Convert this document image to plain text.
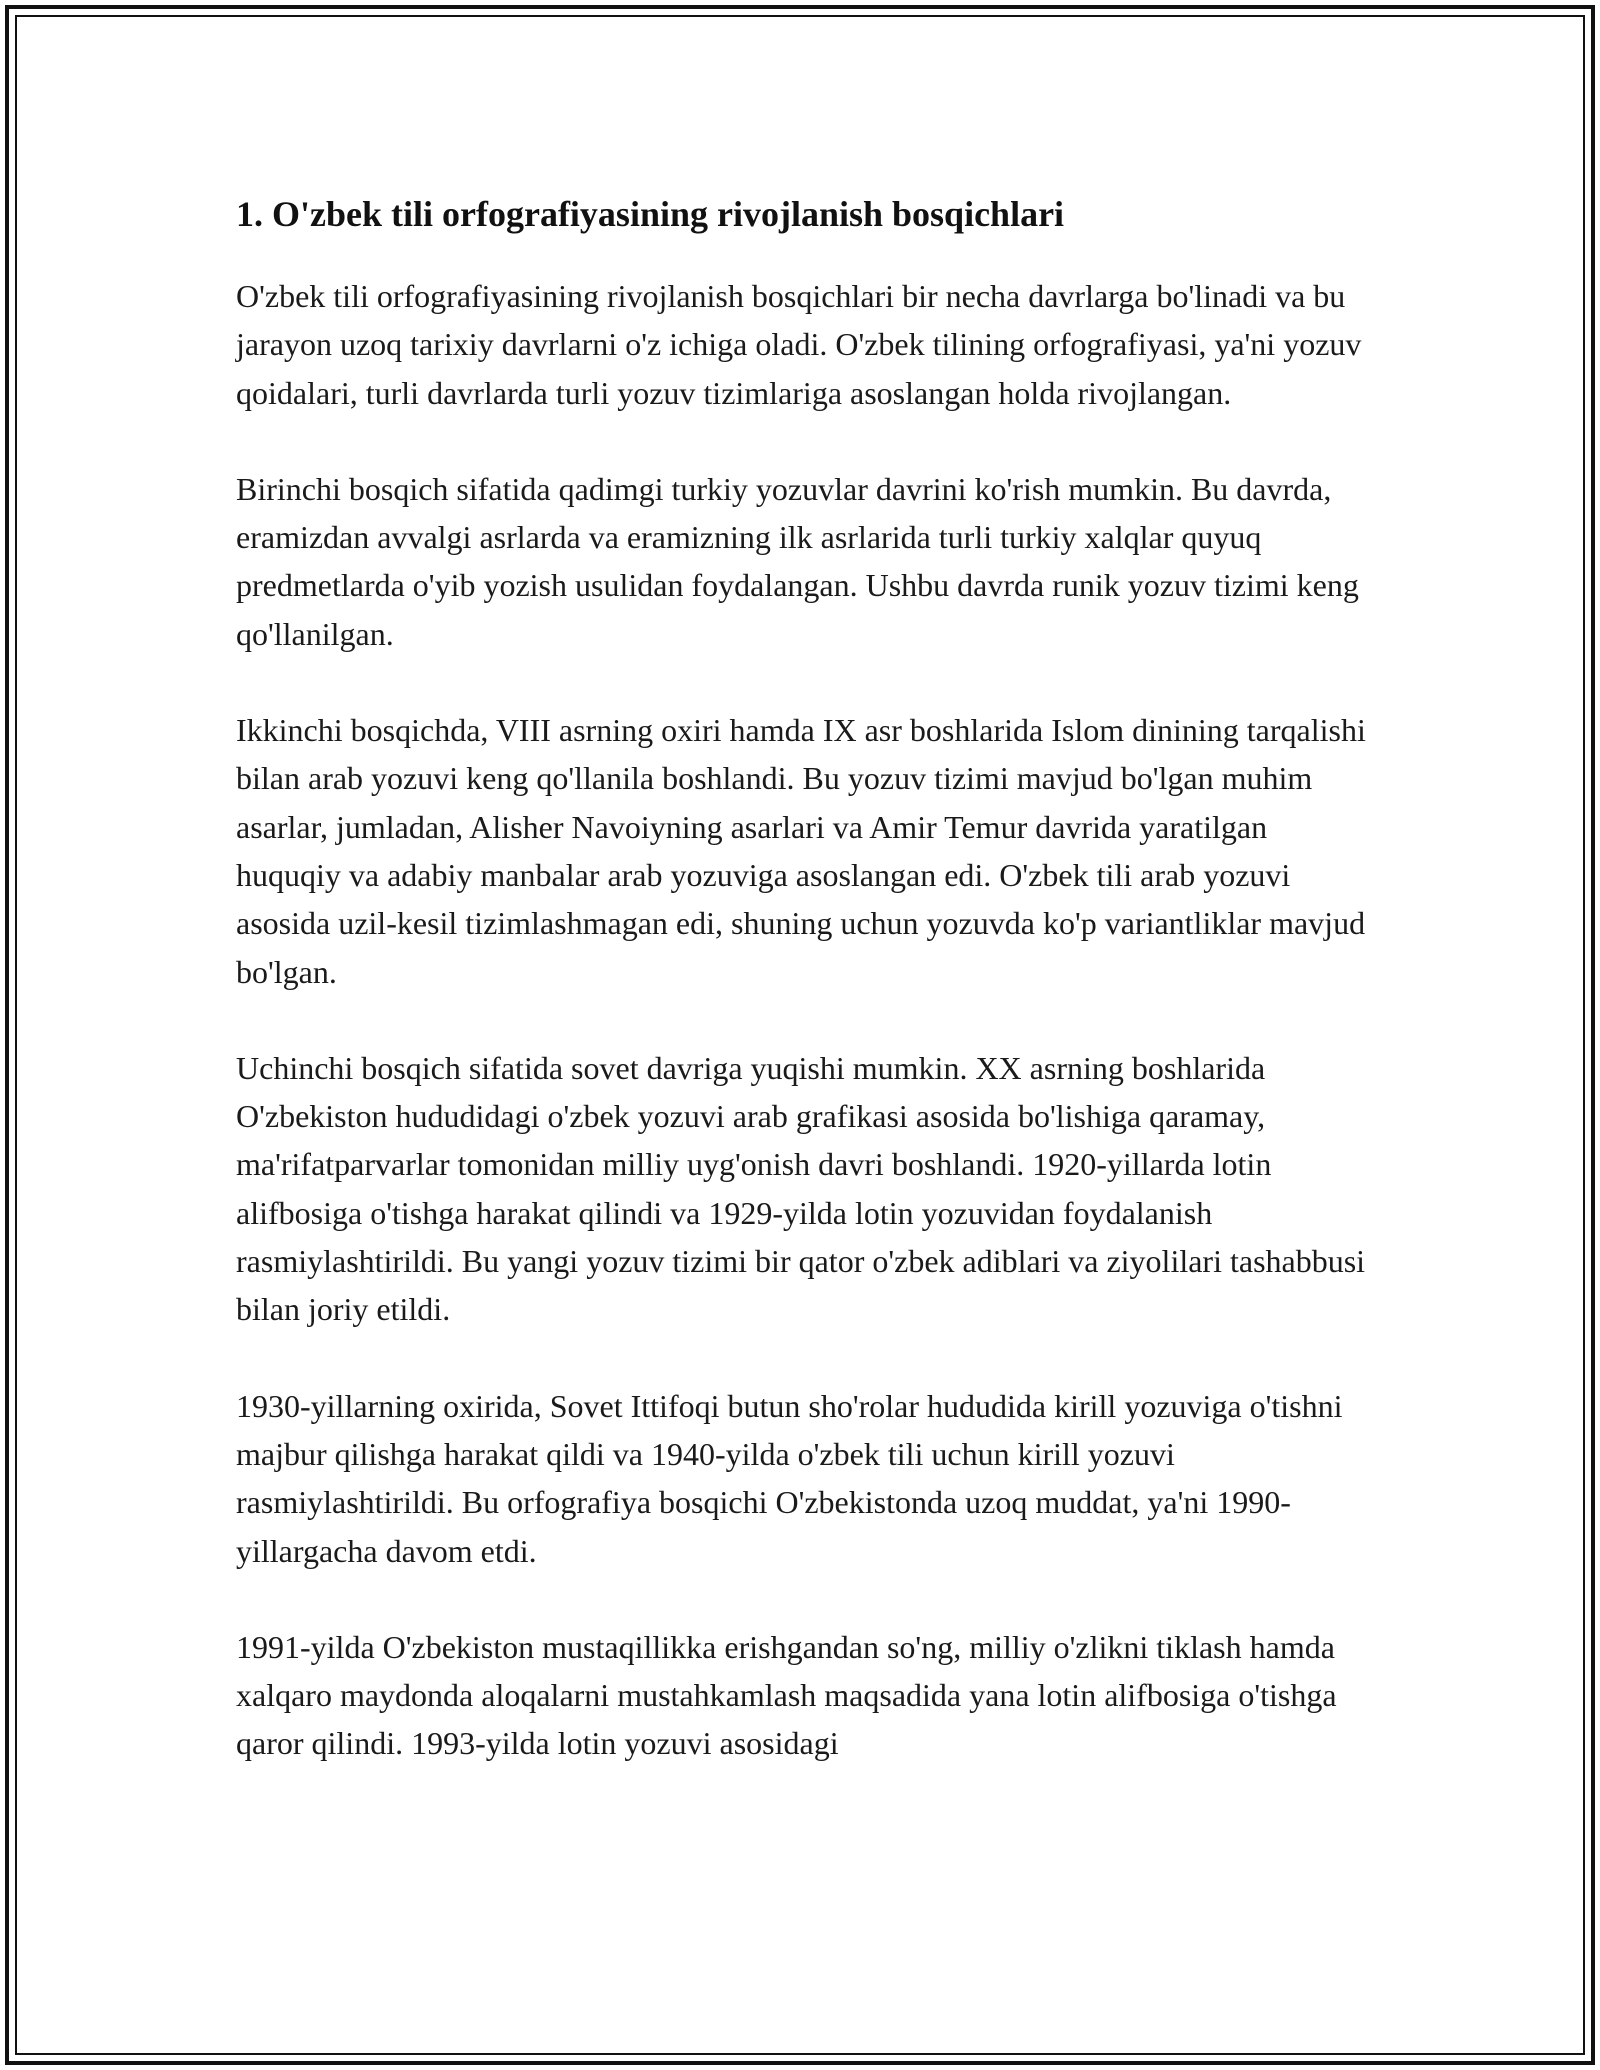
1. O'zbek tili orfografiyasining rivojlanish bosqichlari

O'zbek tili orfografiyasining rivojlanish bosqichlari bir necha davrlarga bo'linadi va bu jarayon uzoq tarixiy davrlarni o'z ichiga oladi. O'zbek tilining orfografiyasi, ya'ni yozuv qoidalari, turli davrlarda turli yozuv tizimlariga asoslangan holda rivojlangan.

Birinchi bosqich sifatida qadimgi turkiy yozuvlar davrini ko'rish mumkin. Bu davrda, eramizdan avvalgi asrlarda va eramizning ilk asrlarida turli turkiy xalqlar quyuq predmetlarda o'yib yozish usulidan foydalangan. Ushbu davrda runik yozuv tizimi keng qo'llanilgan.

Ikkinchi bosqichda, VIII asrning oxiri hamda IX asr boshlarida Islom dinining tarqalishi bilan arab yozuvi keng qo'llanila boshlandi. Bu yozuv tizimi mavjud bo'lgan muhim asarlar, jumladan, Alisher Navoiyning asarlari va Amir Temur davrida yaratilgan huquqiy va adabiy manbalar arab yozuviga asoslangan edi. O'zbek tili arab yozuvi asosida uzil-kesil tizimlashmagan edi, shuning uchun yozuvda ko'p variantliklar mavjud bo'lgan.

Uchinchi bosqich sifatida sovet davriga yuqishi mumkin. XX asrning boshlarida O'zbekiston hududidagi o'zbek yozuvi arab grafikasi asosida bo'lishiga qaramay, ma'rifatparvarlar tomonidan milliy uyg'onish davri boshlandi. 1920-yillarda lotin alifbosiga o'tishga harakat qilindi va 1929-yilda lotin yozuvidan foydalanish rasmiylashtirildi. Bu yangi yozuv tizimi bir qator o'zbek adiblari va ziyolilari tashabbusi bilan joriy etildi.

1930-yillarning oxirida, Sovet Ittifoqi butun sho'rolar hududida kirill yozuviga o'tishni majbur qilishga harakat qildi va 1940-yilda o'zbek tili uchun kirill yozuvi rasmiylashtirildi. Bu orfografiya bosqichi O'zbekistonda uzoq muddat, ya'ni 1990-yillargacha davom etdi.

1991-yilda O'zbekiston mustaqillikka erishgandan so'ng, milliy o'zlikni tiklash hamda xalqaro maydonda aloqalarni mustahkamlash maqsadida yana lotin alifbosiga o'tishga qaror qilindi. 1993-yilda lotin yozuvi asosidagi
